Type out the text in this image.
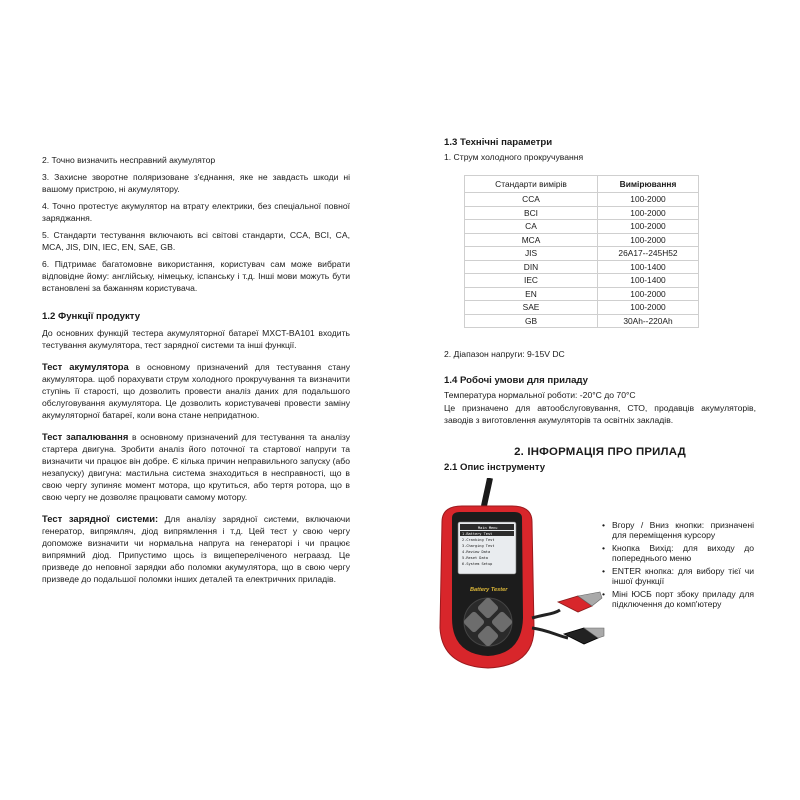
2. Точно визначить несправний акумулятор

3. Захисне зворотне поляризоване з'єднання, яке не завдасть шкоди ні вашому пристрою, ні акумулятору.

4. Точно протестує акумулятор на втрату електрики, без спеціальної повної заряджання.

5. Стандарти тестування включають всі світові стандарти, CCA, BCI, CA, MCA, JIS, DIN, IEC, EN, SAE, GB.

6. Підтримає багатомовне використання, користувач сам може вибрати відповідне йому: англійську, німецьку, іспанську і т.д. Інші мови можуть бути встановлені за бажанням користувача.

1.2 Функції продукту

До основних функцій тестера акумуляторної батареї MXCT-BA101 входить тестування акумулятора, тест зарядної системи та інші функції.

Тест акумулятора в основному призначений для тестування стану акумулятора. щоб порахувати струм холодного прокручування та визначити ступінь її старості, що дозволить провести аналіз даних для подальшого обслуговування акумулятора. Це дозволить користувачеві провести заміну акумуляторної батареї, коли вона стане непридатною.

Тест запалювання в основному призначений для тестування та аналізу стартера двигуна. Зробити аналіз його поточної та стартової напруги та визначити чи працює він добре. Є кілька причин неправильного запуску (або незапуску) двигуна: мастильна система знаходиться в несправності, що в свою чергу зупиняє момент мотора, що крутиться, або тертя ротора, що в свою чергу не дозволяє працювати самому мотору.

Тест зарядної системи: Для аналізу зарядної системи, включаючи генератор, випрямляч, діод випрямлення і т.д. Цей тест у свою чергу допоможе визначити чи нормальна напруга на генераторі і чи працює випрямний діод. Припустимо щось із вищепереліченого неграазд. Це призведе до неповної зарядки або поломки акумулятора, що в свою чергу призведе до подальшої поломки інших деталей та електричних приладів.

1.3 Технічні параметри

1. Струм холодного прокручування

Стандарти вимірів	Вимірювання
CCA	100-2000
BCI	100-2000
CA	100-2000
MCA	100-2000
JIS	26A17--245H52
DIN	100-1400
IEC	100-1400
EN	100-2000
SAE	100-2000
GB	30Ah--220Ah

2. Діапазон напруги: 9-15V DC

1.4 Робочі умови для приладу

Температура нормальної роботи: -20°C до 70°C

Це призначено для автообслуговування, СТО, продавців акумуляторів, заводів з виготовлення акумуляторів та освітніх закладів.

2. ІНФОРМАЦІЯ ПРО ПРИЛАД

2.1 Опис інструменту

Main Menu
1.Battery Test
2.Cranking Test
3.Charging Test
4.Review Data
5.Reset Data
6.System Setup
Battery Tester
• Вгору / Вниз кнопки: призначені для переміщення курсору
• Кнопка Вихід: для виходу до попереднього меню
• ENTER кнопка: для вибору тієї чи іншої функції
• Міні ЮСБ порт збоку приладу для підключення до комп'ютеру
